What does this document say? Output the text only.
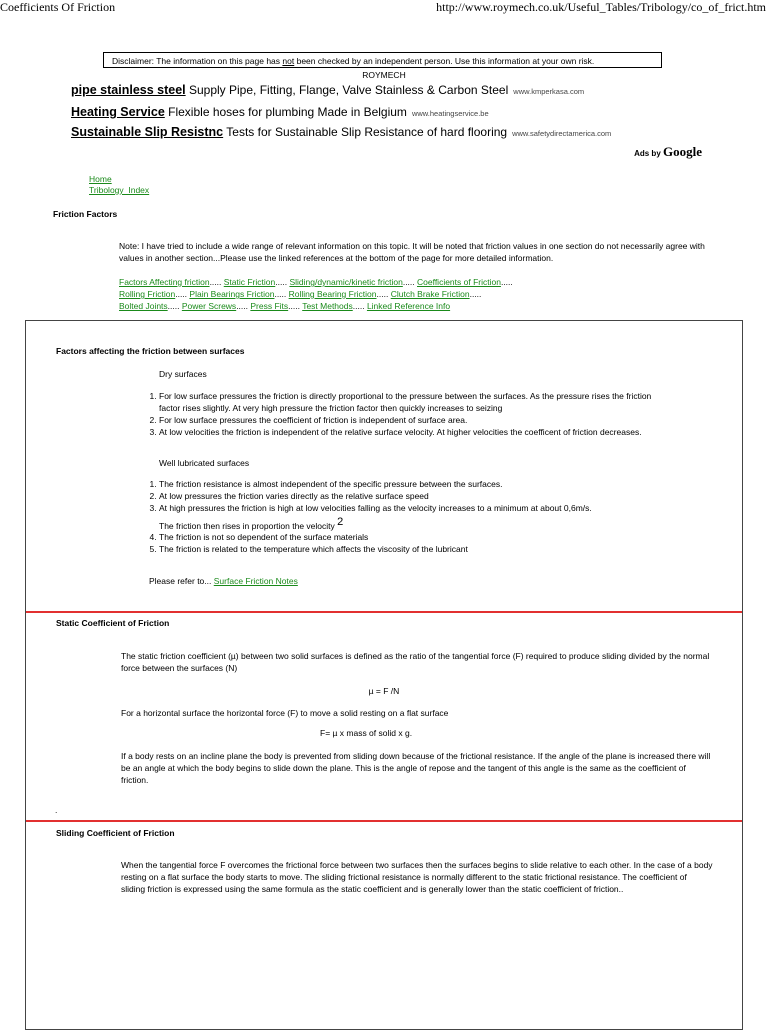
Coefficients Of Friction	http://www.roymech.co.uk/Useful_Tables/Tribology/co_of_frict.htm
Disclaimer: The information on this page has not been checked by an independent person. Use this information at your own risk.
ROYMECH
pipe stainless steel Supply Pipe, Fitting, Flange, Valve Stainless & Carbon Steel www.kmperkasa.com
Heating Service Flexible hoses for plumbing Made in Belgium www.heatingservice.be
Sustainable Slip Resistnc Tests for Sustainable Slip Resistance of hard flooring www.safetydirectamerica.com
Ads by Google
Home
Tribology_Index
Friction Factors
Note: I have tried to include a wide range of relevant information on this topic. It will be noted that friction values in one section do not necessarily agree with values in another section...Please use the linked references at the bottom of the page for more detailed information.
Factors Affecting friction..... Static Friction..... Sliding/dynamic/kinetic friction..... Coefficients of Friction.....
Rolling Friction..... Plain Bearings Friction..... Rolling Bearing Friction..... Clutch Brake Friction.....
Bolted Joints..... Power Screws..... Press Fits..... Test Methods..... Linked Reference Info
Factors affecting the friction between surfaces
Dry surfaces
1. For low surface pressures the friction is directly proportional to the pressure between the surfaces. As the pressure rises the friction factor rises slightly. At very high pressure the friction factor then quickly increases to seizing
2. For low surface pressures the coefficient of friction is independent of surface area.
3. At low velocities the friction is independent of the relative surface velocity. At higher velocities the coefficent of friction decreases.
Well lubricated surfaces
1. The friction resistance is almost independent of the specific pressure between the surfaces.
2. At low pressures the friction varies directly as the relative surface speed
3. At high pressures the friction is high at low velocities falling as the velocity increases to a minimum at about 0,6m/s.
The friction then rises in proportion the velocity $^2$
4. The friction is not so dependent of the surface materials
5. The friction is related to the temperature which affects the viscosity of the lubricant
Please refer to... Surface Friction Notes
Static Coefficient of Friction
The static friction coefficient (µ) between two solid surfaces is defined as the ratio of the tangential force (F) required to produce sliding divided by the normal force between the surfaces (N)
µ = F /N
For a horizontal surface the horizontal force (F) to move a solid resting on a flat surface
F= µ x mass of solid x g.
If a body rests on an incline plane the body is prevented from sliding down because of the frictional resistance. If the angle of the plane is increased there will be an angle at which the body begins to slide down the plane. This is the angle of repose and the tangent of this angle is the same as the coefficient of friction.
.
Sliding Coefficient of Friction
When the tangential force F overcomes the frictional force between two surfaces then the surfaces begins to slide relative to each other. In the case of a body resting on a flat surface the body starts to move. The sliding frictional resistance is normally different to the static frictional resistance. The coefficient of sliding friction is expressed using the same formula as the static coefficient and is generally lower than the static coefficient of friction..
